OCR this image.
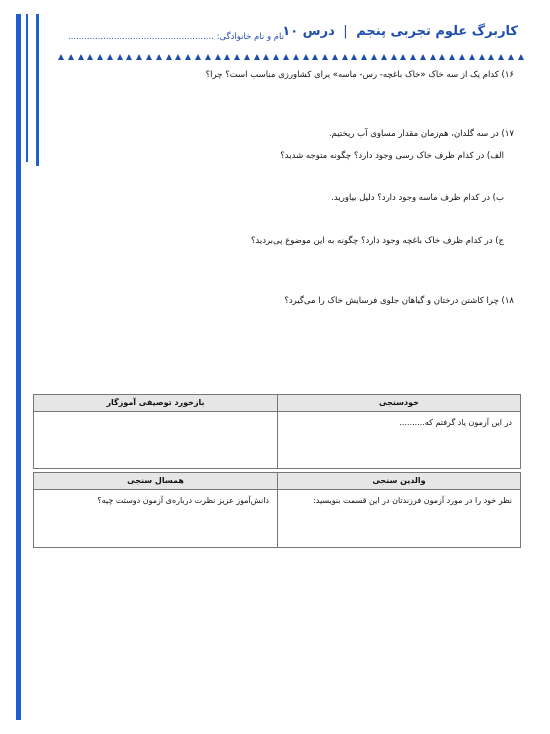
کاربرگ علوم تجربی پنجم | درس ۱۰
نام و نام خانوادگی: ......................................................
۱۶) کدام یک از سه خاک «خاک باغچه- رس- ماسه» برای کشاورزی مناسب است؟ چرا؟
۱۷) در سه گلدان، هم‌زمان مقدار مساوی آب ریختیم.
الف) در کدام ظرف خاک رسی وجود دارد؟ چگونه متوجه شدید؟
ب) در کدام ظرف ماسه وجود دارد؟ دلیل بیاورید.
ج) در کدام ظرف خاک باغچه وجود دارد؟ چگونه به این موضوع پی‌بردید؟
۱۸) چرا کاشتن درختان و گیاهان جلوی فرسایش خاک را می‌گیرد؟
بازخورد توصیفی آموزگار	خودسنجی
	در این آزمون یاد گرفتم که..........
همسال سنجی	والدین سنجی
دانش‌آموز عزیز نظرت درباره‌ی آزمون دوستت چیه؟	نظر خود را در مورد آزمون فرزندتان در این قسمت بنویسید:
